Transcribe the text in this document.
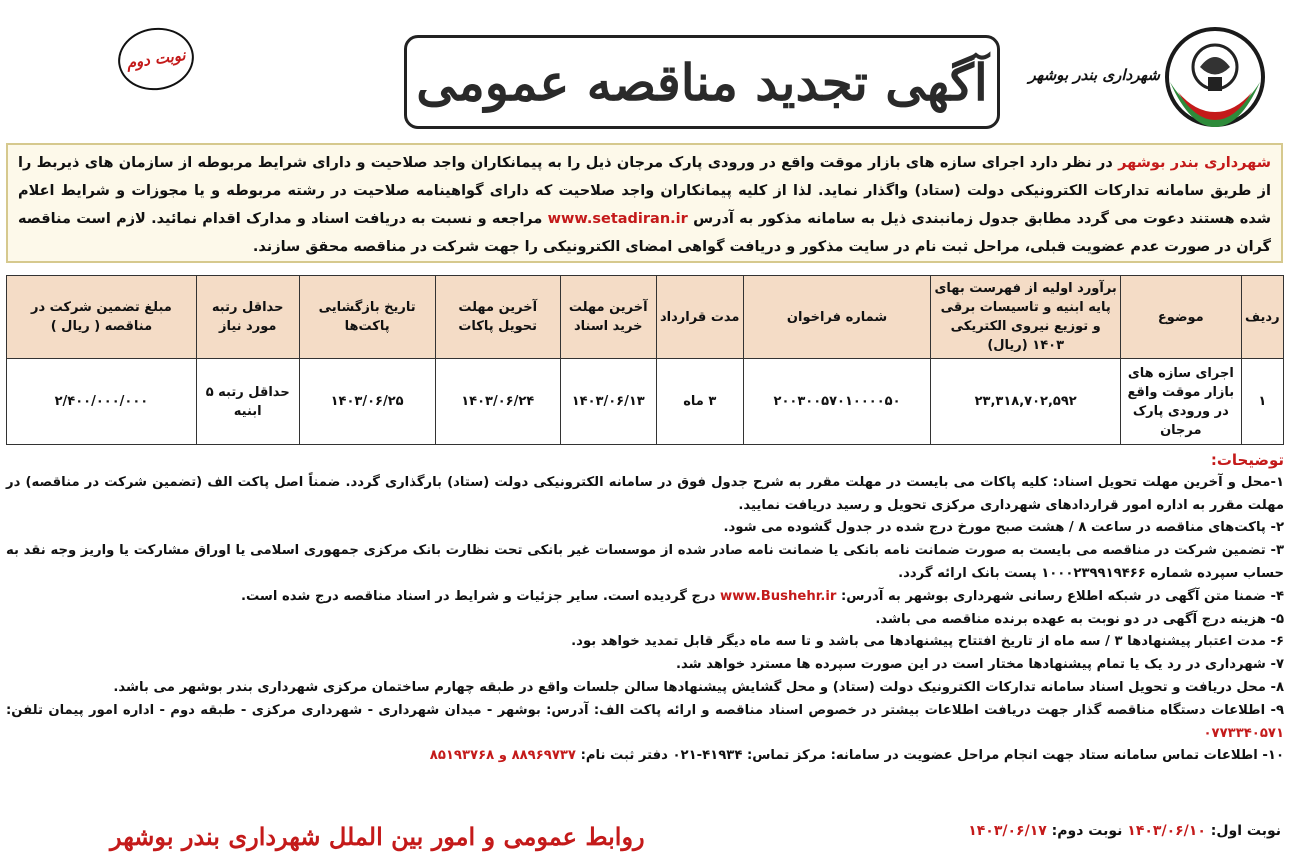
شهرداری بندر بوشهر
آگهی تجدید مناقصه عمومی
نوبت دوم
شهرداری بندر بوشهر در نظر دارد اجرای سازه های بازار موقت واقع در ورودی پارک مرجان ذیل را به پیمانکاران واجد صلاحیت و دارای شرایط مربوطه از سازمان های ذیربط را از طریق سامانه تدارکات الکترونیکی دولت (ستاد) واگذار نماید. لذا از کلیه پیمانکاران واجد صلاحیت که دارای گواهینامه صلاحیت در رشته مربوطه و یا مجوزات و شرایط اعلام شده هستند دعوت می گردد مطابق جدول زمانبندی ذیل به سامانه مذکور به آدرس www.setadiran.ir مراجعه و نسبت به دریافت اسناد و مدارک اقدام نمائید. لازم است مناقصه گران در صورت عدم عضویت قبلی، مراحل ثبت نام در سایت مذکور و دریافت گواهی امضای الکترونیکی را جهت شرکت در مناقصه محقق سازند.
ردیف	موضوع	برآورد اولیه از فهرست بهای پایه ابنیه و تاسیسات برقی و توزیع نیروی الکتریکی ۱۴۰۳ (ریال)	شماره فراخوان	مدت قرارداد	آخرین مهلت خرید اسناد	آخرین مهلت تحویل پاکات	تاریخ بازگشایی پاکت‌ها	حداقل رتبه مورد نیاز	مبلغ تضمین شرکت در مناقصه ( ریال )
۱	اجرای سازه های بازار موقت واقع در ورودی پارک مرجان	۲۳,۳۱۸,۷۰۲,۵۹۲	۲۰۰۳۰۰۵۷۰۱۰۰۰۰۵۰	۳ ماه	۱۴۰۳/۰۶/۱۳	۱۴۰۳/۰۶/۲۴	۱۴۰۳/۰۶/۲۵	حداقل رتبه ۵ ابنیه	۲/۴۰۰/۰۰۰/۰۰۰
توضیحات:
۱-محل و آخرین مهلت تحویل اسناد: کلیه پاکات می بایست در مهلت مقرر به شرح جدول فوق در سامانه الکترونیکی دولت (ستاد) بارگذاری گردد. ضمناً اصل پاکت الف (تضمین شرکت در مناقصه) در مهلت مقرر به اداره امور قراردادهای شهرداری مرکزی تحویل و رسید دریافت نمایید.
۲- پاکت‌های مناقصه در ساعت ۸ / هشت صبح مورخ درج شده در جدول گشوده می شود.
۳- تضمین شرکت در مناقصه می بایست به صورت ضمانت نامه بانکی یا ضمانت نامه صادر شده از موسسات غیر بانکی تحت نظارت بانک مرکزی جمهوری اسلامی یا اوراق مشارکت یا واریز وجه نقد به حساب سپرده شماره ۱۰۰۰۲۳۹۹۱۹۴۶۶ پست بانک ارائه گردد.
۴- ضمنا متن آگهی در شبکه اطلاع رسانی شهرداری بوشهر به آدرس: www.Bushehr.ir درج گردیده است. سایر جزئیات و شرایط در اسناد مناقصه درج شده است.
۵- هزینه درج آگهی در دو نوبت به عهده برنده مناقصه می باشد.
۶- مدت اعتبار پیشنهادها ۳ / سه ماه از تاریخ افتتاح پیشنهادها می باشد و تا سه ماه دیگر قابل تمدید خواهد بود.
۷- شهرداری در رد یک یا تمام پیشنهادها مختار است در این صورت سپرده ها مسترد خواهد شد.
۸- محل دریافت و تحویل اسناد سامانه تدارکات الکترونیک دولت (ستاد) و محل گشایش پیشنهادها سالن جلسات واقع در طبقه چهارم ساختمان مرکزی شهرداری بندر بوشهر می باشد.
۹- اطلاعات دستگاه مناقصه گذار جهت دریافت اطلاعات بیشتر در خصوص اسناد مناقصه و ارائه پاکت الف: آدرس: بوشهر - میدان شهرداری - شهرداری مرکزی - طبقه دوم - اداره امور پیمان تلفن: ۰۷۷۳۳۴۰۵۷۱
۱۰- اطلاعات تماس سامانه ستاد جهت انجام مراحل عضویت در سامانه: مرکز تماس: ۴۱۹۳۴-۰۲۱ دفتر ثبت نام: ۸۸۹۶۹۷۳۷ و ۸۵۱۹۳۷۶۸
نوبت اول: ۱۴۰۳/۰۶/۱۰ نوبت دوم: ۱۴۰۳/۰۶/۱۷
روابط عمومی و امور بین الملل شهرداری بندر بوشهر
